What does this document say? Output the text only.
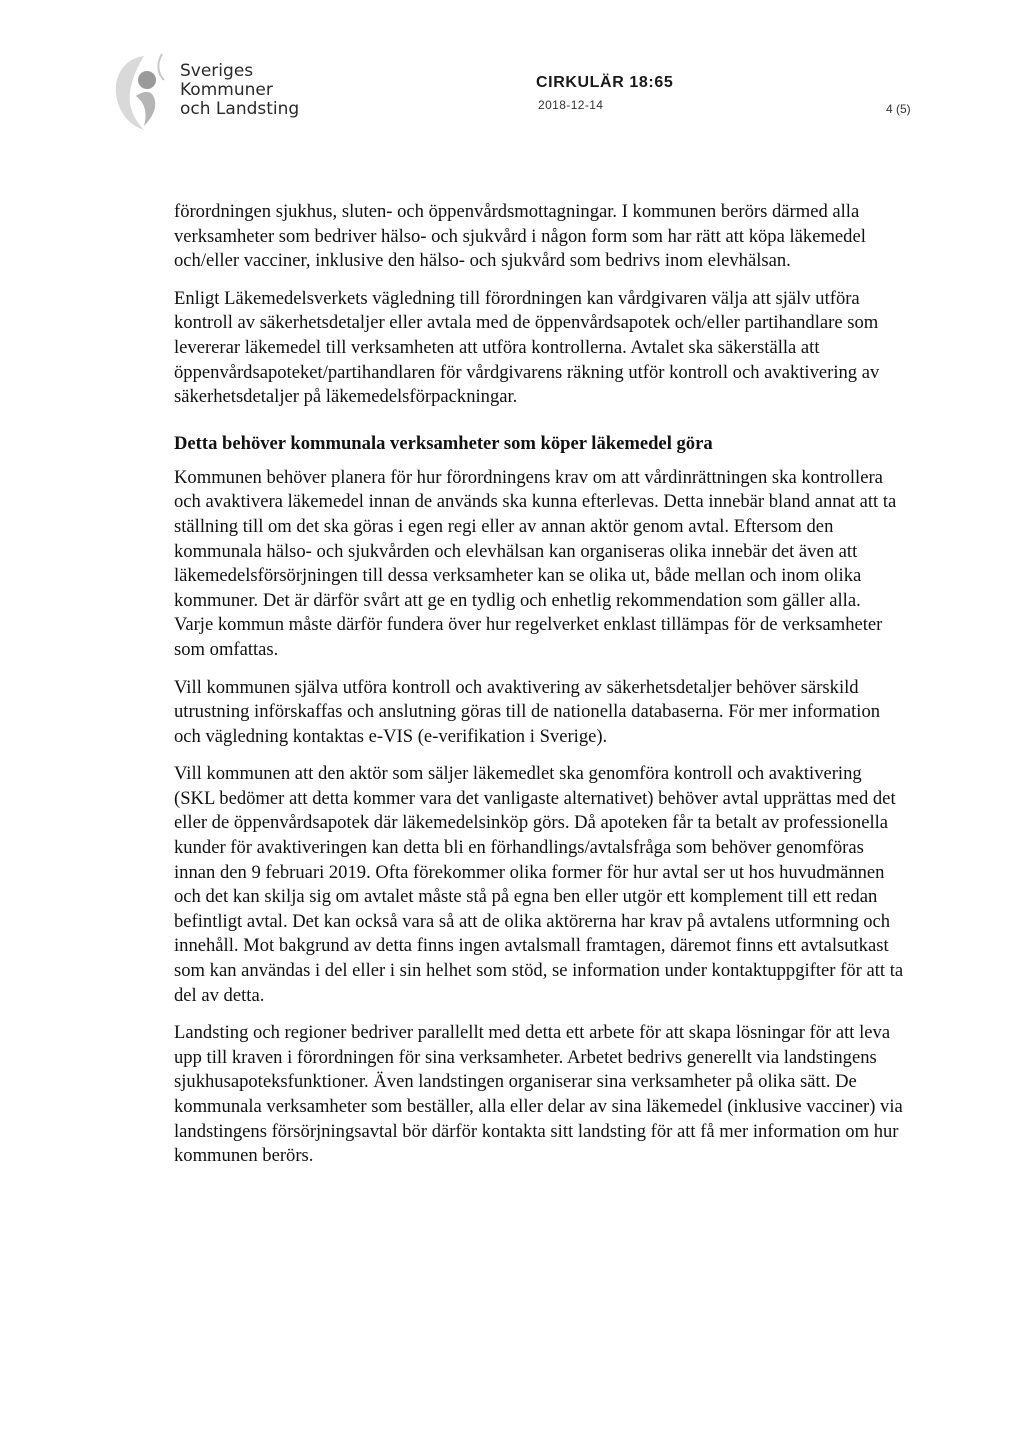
Sveriges
Kommuner
och Landsting
CIRKULÄR 18:65
2018-12-14	4 (5)

förordningen sjukhus, sluten- och öppenvårdsmottagningar. I kommunen berörs därmed alla verksamheter som bedriver hälso- och sjukvård i någon form som har rätt att köpa läkemedel och/eller vacciner, inklusive den hälso- och sjukvård som bedrivs inom elevhälsan.

Enligt Läkemedelsverkets vägledning till förordningen kan vårdgivaren välja att själv utföra kontroll av säkerhetsdetaljer eller avtala med de öppenvårdsapotek och/eller partihandlare som levererar läkemedel till verksamheten att utföra kontrollerna. Avtalet ska säkerställa att öppenvårdsapoteket/partihandlaren för vårdgivarens räkning utför kontroll och avaktivering av säkerhetsdetaljer på läkemedelsförpackningar.

Detta behöver kommunala verksamheter som köper läkemedel göra

Kommunen behöver planera för hur förordningens krav om att vårdinrättningen ska kontrollera och avaktivera läkemedel innan de används ska kunna efterlevas. Detta innebär bland annat att ta ställning till om det ska göras i egen regi eller av annan aktör genom avtal. Eftersom den kommunala hälso- och sjukvården och elevhälsan kan organiseras olika innebär det även att läkemedelsförsörjningen till dessa verksamheter kan se olika ut, både mellan och inom olika kommuner. Det är därför svårt att ge en tydlig och enhetlig rekommendation som gäller alla. Varje kommun måste därför fundera över hur regelverket enklast tillämpas för de verksamheter som omfattas.

Vill kommunen själva utföra kontroll och avaktivering av säkerhetsdetaljer behöver särskild utrustning införskaffas och anslutning göras till de nationella databaserna. För mer information och vägledning kontaktas e-VIS (e-verifikation i Sverige).

Vill kommunen att den aktör som säljer läkemedlet ska genomföra kontroll och avaktivering (SKL bedömer att detta kommer vara det vanligaste alternativet) behöver avtal upprättas med det eller de öppenvårdsapotek där läkemedelsinköp görs. Då apoteken får ta betalt av professionella kunder för avaktiveringen kan detta bli en förhandlings/avtalsfråga som behöver genomföras innan den 9 februari 2019. Ofta förekommer olika former för hur avtal ser ut hos huvudmännen och det kan skilja sig om avtalet måste stå på egna ben eller utgör ett komplement till ett redan befintligt avtal. Det kan också vara så att de olika aktörerna har krav på avtalens utformning och innehåll. Mot bakgrund av detta finns ingen avtalsmall framtagen, däremot finns ett avtalsutkast som kan användas i del eller i sin helhet som stöd, se information under kontaktuppgifter för att ta del av detta.

Landsting och regioner bedriver parallellt med detta ett arbete för att skapa lösningar för att leva upp till kraven i förordningen för sina verksamheter. Arbetet bedrivs generellt via landstingens sjukhusapoteksfunktioner. Även landstingen organiserar sina verksamheter på olika sätt. De kommunala verksamheter som beställer, alla eller delar av sina läkemedel (inklusive vacciner) via landstingens försörjningsavtal bör därför kontakta sitt landsting för att få mer information om hur kommunen berörs.
